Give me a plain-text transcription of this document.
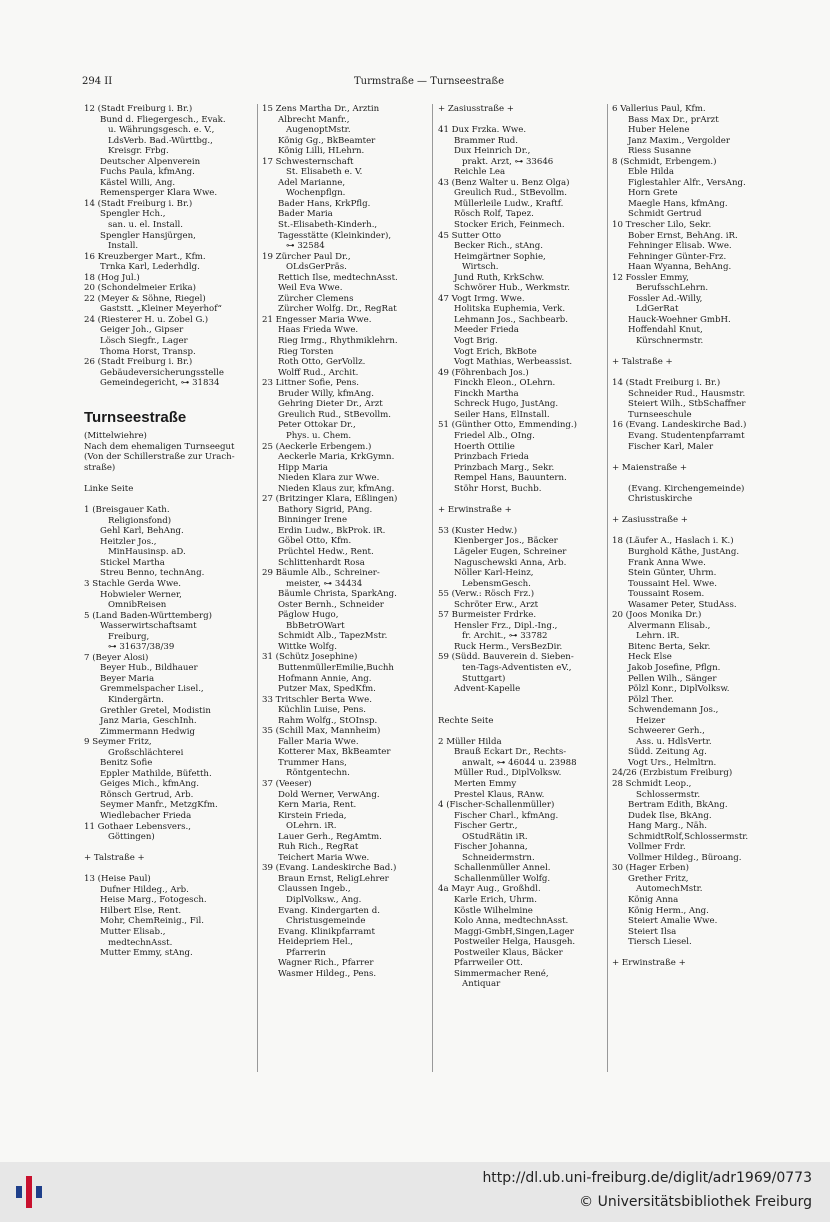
294 II	Turmstraße — Turnseestraße
12 (Stadt Freiburg i. Br.)
Bund d. Fliegergesch., Evak.
u. Währungsgesch. e. V.,
LdsVerb. Bad.-Württbg.,
Kreisgr. Frbg.
Deutscher Alpenverein
Fuchs Paula, kfmAng.
Kästel Willi, Ang.
Remensperger Klara Wwe.
14 (Stadt Freiburg i. Br.)
Spengler Hch.,
san. u. el. Install.
Spengler Hansjürgen,
Install.
16 Kreuzberger Mart., Kfm.
Trnka Karl, Lederhdlg.
18 (Hog Jul.)
20 (Schondelmeier Erika)
22 (Meyer & Söhne, Riegel)
Gaststt. „Kleiner Meyerhof“
24 (Riesterer H. u. Zobel G.)
Geiger Joh., Gipser
Lösch Siegfr., Lager
Thoma Horst, Transp.
26 (Stadt Freiburg i. Br.)
Gebäudeversicherungsstelle
Gemeindegericht, ⊶ 31834
Turnseestraße
(Mittelwiehre)
Nach dem ehemaligen Turnseegut
(Von der Schillerstraße zur Urach-
straße)
Linke Seite
1 (Breisgauer Kath.
Religionsfond)
Gehl Karl, BehAng.
Heitzler Jos.,
MinHausinsp. aD.
Stickel Martha
Streu Benno, technAng.
3 Stachle Gerda Wwe.
Hobwieler Werner,
OmnibReisen
5 (Land Baden-Württemberg)
Wasserwirtschaftsamt
Freiburg,
⊶ 31637/38/39
7 (Beyer Alosi)
Beyer Hub., Bildhauer
Beyer Maria
Gremmelspacher Lisel.,
Kindergärtn.
Grethler Gretel, Modistin
Janz Maria, GeschInh.
Zimmermann Hedwig
9 Seymer Fritz,
Großschlächterei
Benitz Sofie
Eppler Mathilde, Büfetth.
Geiges Mich., kfmAng.
Rönsch Gertrud, Arb.
Seymer Manfr., MetzgKfm.
Wiedlebacher Frieda
11 Gothaer Lebensvers.,
Göttingen)
+ Talstraße +
13 (Heise Paul)
Dufner Hildeg., Arb.
Heise Marg., Fotogesch.
Hilbert Else, Rent.
Mohr, ChemReinig., Fil.
Mutter Elisab.,
medtechnAsst.
Mutter Emmy, stAng.
15 Zens Martha Dr., Ärztin
Albrecht Manfr.,
AugenoptMstr.
König Gg., BkBeamter
König Lilli, HLehrn.
17 Schwesternschaft
St. Elisabeth e. V.
Adel Marianne,
Wochenpflgn.
Bader Hans, KrkPflg.
Bader Maria
St.-Elisabeth-Kinderh.,
Tagesstätte (Kleinkinder),
⊶ 32584
19 Zürcher Paul Dr.,
OLdsGerPräs.
Rettich Ilse, medtechnAsst.
Weil Eva Wwe.
Zürcher Clemens
Zürcher Wolfg. Dr., RegRat
21 Engesser Maria Wwe.
Haas Frieda Wwe.
Rieg Irmg., Rhythmiklehrn.
Rieg Torsten
Roth Otto, GerVollz.
Wolff Rud., Archit.
23 Littner Sofie, Pens.
Bruder Willy, kfmAng.
Gehring Dieter Dr., Arzt
Greulich Rud., StBevollm.
Peter Ottokar Dr.,
Phys. u. Chem.
25 (Aeckerle Erbengem.)
Aeckerle Maria, KrkGymn.
Hipp Maria
Nieden Klara zur Wwe.
Nieden Klaus zur, kfmAng.
27 (Britzinger Klara, Eßlingen)
Bathory Sigrid, PAng.
Binninger Irene
Erdin Ludw., BkProk. iR.
Göbel Otto, Kfm.
Prüchtel Hedw., Rent.
Schlittenhardt Rosa
29 Bäumle Alb., Schreiner-
meister, ⊶ 34434
Bäumle Christa, SparkAng.
Oster Bernh., Schneider
Päglow Hugo,
BbBetrOWart
Schmidt Alb., TapezMstr.
Wittke Wolfg.
31 (Schütz Josephine)
ButtenmüllerEmilie,Buchh
Hofmann Annie, Ang.
Putzer Max, SpedKfm.
33 Tritschler Berta Wwe.
Küchlin Luise, Pens.
Rahm Wolfg., StOInsp.
35 (Schill Max, Mannheim)
Faller Maria Wwe.
Kotterer Max, BkBeamter
Trummer Hans,
Röntgentechn.
37 (Veeser)
Dold Werner, VerwAng.
Kern Maria, Rent.
Kirstein Frieda,
OLehrn. iR.
Lauer Gerh., RegAmtm.
Ruh Rich., RegRat
Teichert Maria Wwe.
39 (Evang. Landeskirche Bad.)
Braun Ernst, ReligLehrer
Claussen Ingeb.,
DiplVolksw., Ang.
Evang. Kindergarten d.
Christusgemeinde
Evang. Klinikpfarramt
Heidepriem Hel.,
Pfarrerin
Wagner Rich., Pfarrer
Wasmer Hildeg., Pens.
+ Zasiusstraße +
41 Dux Frzka. Wwe.
Brammer Rud.
Dux Heinrich Dr.,
prakt. Arzt, ⊶ 33646
Reichle Lea
43 (Benz Walter u. Benz Olga)
Greulich Rud., StBevollm.
Müllerleile Ludw., Kraftf.
Rösch Rolf, Tapez.
Stocker Erich, Feinmech.
45 Sutter Otto
Becker Rich., stAng.
Heimgärtner Sophie,
Wirtsch.
Jund Ruth, KrkSchw.
Schwörer Hub., Werkmstr.
47 Vogt Irmg. Wwe.
Holitska Euphemia, Verk.
Lehmann Jos., Sachbearb.
Meeder Frieda
Vogt Brig.
Vogt Erich, BkBote
Vogt Mathias, Werbeassist.
49 (Föhrenbach Jos.)
Finckh Eleon., OLehrn.
Finckh Martha
Schreck Hugo, JustAng.
Seiler Hans, ElInstall.
51 (Günther Otto, Emmending.)
Friedel Alb., OIng.
Hoerth Ottilie
Prinzbach Frieda
Prinzbach Marg., Sekr.
Rempel Hans, Bauuntern.
Stöhr Horst, Buchb.
+ Erwinstraße +
53 (Kuster Hedw.)
Kienberger Jos., Bäcker
Lägeler Eugen, Schreiner
Naguschewski Anna, Arb.
Nöller Karl-Heinz,
LebensmGesch.
55 (Verw.: Rösch Frz.)
Schröter Erw., Arzt
57 Burmeister Frdrke.
Hensler Frz., Dipl.-Ing.,
fr. Archit., ⊶ 33782
Ruck Herm., VersBezDir.
59 (Südd. Bauverein d. Sieben-
ten-Tags-Adventisten eV.,
Stuttgart)
Advent-Kapelle
Rechte Seite
2 Müller Hilda
Brauß Eckart Dr., Rechts-
anwalt, ⊶ 46044 u. 23988
Müller Rud., DiplVolksw.
Merten Emmy
Prestel Klaus, RAnw.
4 (Fischer-Schallenmüller)
Fischer Charl., kfmAng.
Fischer Gertr.,
OStudRätin iR.
Fischer Johanna,
Schneidermstrn.
Schallenmüller Annel.
Schallenmüller Wolfg.
4a Mayr Aug., Großhdl.
Karle Erich, Uhrm.
Köstle Wilhelmine
Kolo Anna, medtechnAsst.
Maggi-GmbH,Singen,Lager
Postweiler Helga, Hausgeh.
Postweiler Klaus, Bäcker
Pfarrweiler Ott.
Simmermacher René,
Antiquar
6 Vallerius Paul, Kfm.
Bass Max Dr., prArzt
Huber Helene
Janz Maxim., Vergolder
Riess Susanne
8 (Schmidt, Erbengem.)
Eble Hilda
Figlestahler Alfr., VersAng.
Horn Grete
Maegle Hans, kfmAng.
Schmidt Gertrud
10 Trescher Lilo, Sekr.
Bober Ernst, BehAng. iR.
Fehninger Elisab. Wwe.
Fehninger Günter-Frz.
Haan Wyanna, BehAng.
12 Fossler Emmy,
BerufsschLehrn.
Fossler Ad.-Willy,
LdGerRat
Hauck-Woehner GmbH.
Hoffendahl Knut,
Kürschnermstr.
+ Talstraße +
14 (Stadt Freiburg i. Br.)
Schneider Rud., Hausmstr.
Steiert Wilh., StbSchaffner
Turnseeschule
16 (Evang. Landeskirche Bad.)
Evang. Studentenpfarramt
Fischer Karl, Maler
+ Maienstraße +
(Evang. Kirchengemeinde)
Christuskirche
+ Zasiusstraße +
18 (Läufer A., Haslach i. K.)
Burghold Käthe, JustAng.
Frank Anna Wwe.
Stein Günter, Uhrm.
Toussaint Hel. Wwe.
Toussaint Rosem.
Wasamer Peter, StudAss.
20 (Joos Monika Dr.)
Alvermann Elisab.,
Lehrn. iR.
Bitenc Berta, Sekr.
Heck Else
Jakob Josefine, Pflgn.
Pellen Wilh., Sänger
Pölzl Konr., DiplVolksw.
Pölzl Ther.
Schwendemann Jos.,
Heizer
Schweerer Gerh.,
Ass. u. HdlsVertr.
Südd. Zeitung Ag.
Vogt Urs., Helmltrn.
24/26 (Erzbistum Freiburg)
28 Schmidt Leop.,
Schlossermstr.
Bertram Edith, BkAng.
Dudek Ilse, BkAng.
Hang Marg., Näh.
SchmidtRolf,Schlossermstr.
Vollmer Frdr.
Vollmer Hildeg., Büroang.
30 (Hager Erben)
Grether Fritz,
AutomechMstr.
König Anna
König Herm., Ang.
Steiert Amalie Wwe.
Steiert Ilsa
Tiersch Liesel.
+ Erwinstraße +
http://dl.ub.uni-freiburg.de/diglit/adr1969/0773
© Universitätsbibliothek Freiburg
